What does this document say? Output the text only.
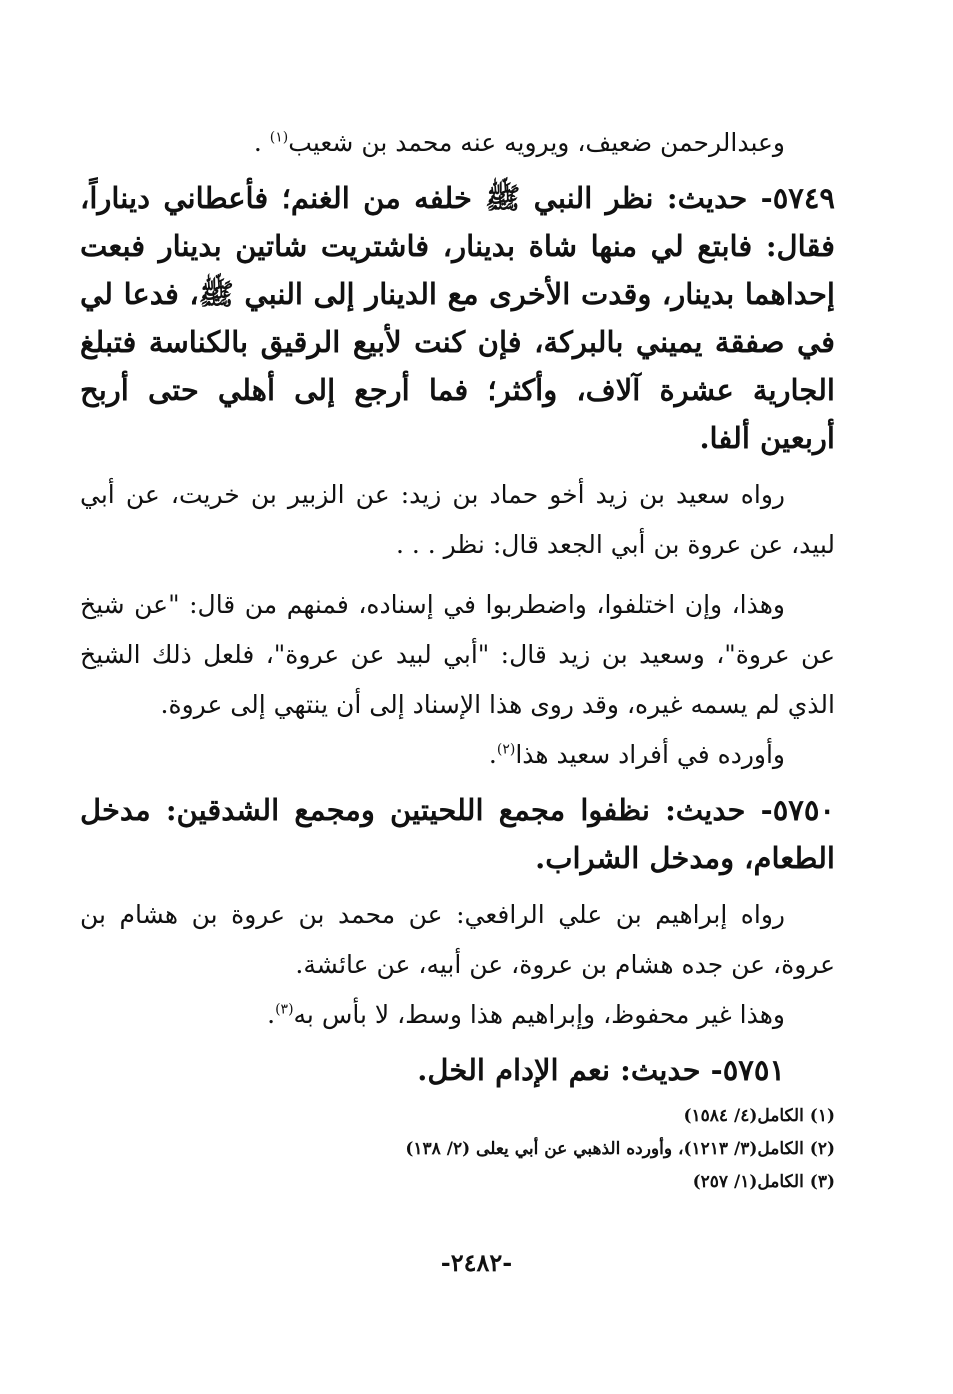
وعبدالرحمن ضعيف، ويرويه عنه محمد بن شعيب$^{(١)}$ .

٥٧٤٩- حديث: نظر النبي ﷺ خلفه من الغنم؛ فأعطاني ديناراً، فقال: فابتع لي منها شاة بدينار، فاشتريت شاتين بدينار فبعت إحداهما بدينار، وقدت الأخرى مع الدينار إلى النبي ﷺ، فدعا لي في صفقة يميني بالبركة، فإن كنت لأبيع الرقيق بالكناسة فتبلغ الجارية عشرة آلاف، وأكثر؛ فما أرجع إلى أهلي حتى أربح أربعين ألفا.

رواه سعيد بن زيد أخو حماد بن زيد: عن الزبير بن خريت، عن أبي لبيد، عن عروة بن أبي الجعد قال: نظر . . .

وهذا، وإن اختلفوا، واضطربوا في إسناده، فمنهم من قال: "عن شيخ عن عروة"، وسعيد بن زيد قال: "أبي لبيد عن عروة"، فلعل ذلك الشيخ الذي لم يسمه غيره، وقد روى هذا الإسناد إلى أن ينتهي إلى عروة.

وأورده في أفراد سعيد هذا$^{(٢)}$.

٥٧٥٠- حديث: نظفوا مجمع اللحيتين ومجمع الشدقين: مدخل الطعام، ومدخل الشراب.

رواه إبراهيم بن علي الرافعي: عن محمد بن عروة بن هشام بن عروة، عن جده هشام بن عروة، عن أبيه، عن عائشة.

وهذا غير محفوظ، وإبراهيم هذا وسط، لا بأس به$^{(٣)}$.

٥٧٥١- حديث: نعم الإدام الخل.

(١) الكامل(٤/ ١٥٨٤)
(٢) الكامل(٣/ ١٢١٣)، وأورده الذهبي عن أبي يعلى (٢/ ١٣٨)
(٣) الكامل(١/ ٢٥٧)
-٢٤٨٢-
